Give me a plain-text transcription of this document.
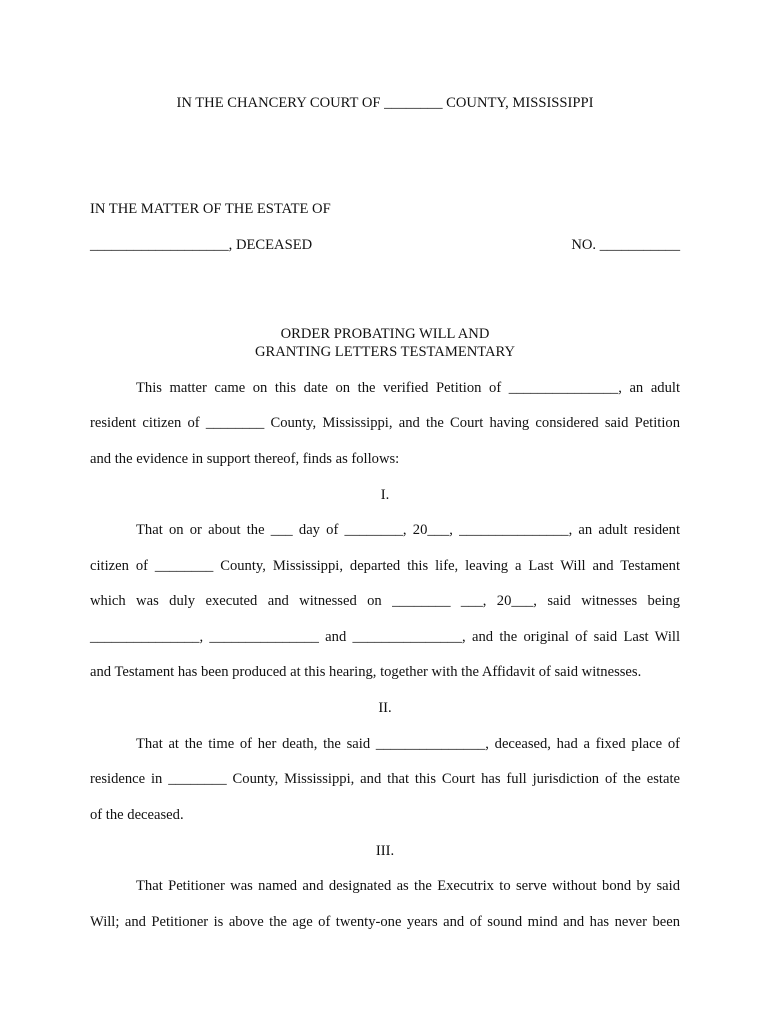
IN THE CHANCERY COURT OF ________ COUNTY, MISSISSIPPI
IN THE MATTER OF THE ESTATE OF
___________________, DECEASED	NO. ___________
ORDER PROBATING WILL AND
GRANTING LETTERS TESTAMENTARY
This matter came on this date on the verified Petition of _______________, an adult
resident citizen of ________ County, Mississippi, and the Court having considered said Petition
and the evidence in support thereof, finds as follows:
I.
That on or about the ___ day of ________, 20___, _______________, an adult resident
citizen of ________ County, Mississippi, departed this life, leaving a Last Will and Testament
which was duly executed and witnessed on ________ ___, 20___, said witnesses being
_______________, _______________ and _______________, and the original of said Last Will
and Testament has been produced at this hearing, together with the Affidavit of said witnesses.
II.
That at the time of her death, the said _______________, deceased, had a fixed place of
residence in ________ County, Mississippi, and that this Court has full jurisdiction of the estate
of the deceased.
III.
That Petitioner was named and designated as the Executrix to serve without bond by said
Will; and Petitioner is above the age of twenty-one years and of sound mind and has never been
